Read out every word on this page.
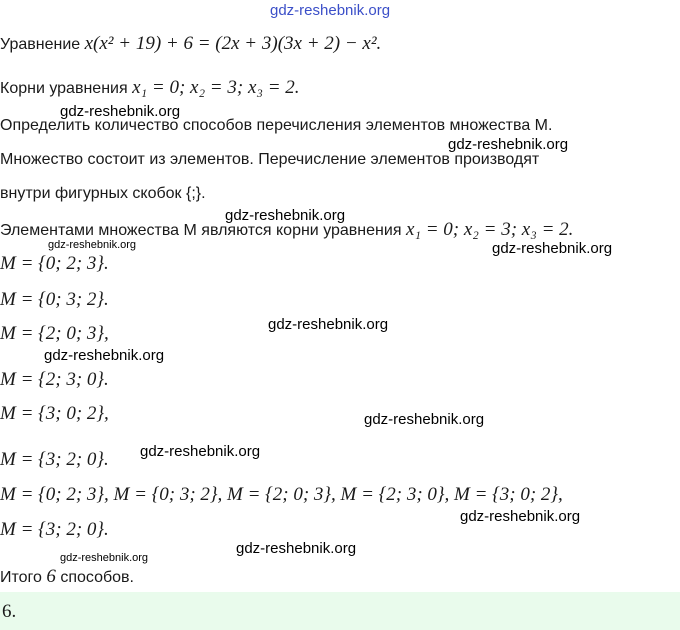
gdz-reshebnik.org
Уравнение x(x² + 19) + 6 = (2x + 3)(3x + 2) − x².
Корни уравнения x₁ = 0; x₂ = 3; x₃ = 2.
gdz-reshebnik.org
Определить количество способов перечисления элементов множества М.
gdz-reshebnik.org
Множество состоит из элементов. Перечисление элементов производят
внутри фигурных скобок {;}.
gdz-reshebnik.org
Элементами множества М являются корни уравнения x₁ = 0; x₂ = 3; x₃ = 2.
gdz-reshebnik.org	gdz-reshebnik.org
M = {0; 2; 3}.
M = {0; 3; 2}.
M = {2; 0; 3},	gdz-reshebnik.org
gdz-reshebnik.org
M = {2; 3; 0}.
M = {3; 0; 2},	gdz-reshebnik.org
gdz-reshebnik.org
M = {3; 2; 0}.
M = {0; 2; 3}, M = {0; 3; 2}, M = {2; 0; 3}, M = {2; 3; 0}, M = {3; 0; 2},
gdz-reshebnik.org
M = {3; 2; 0}.
gdz-reshebnik.org
gdz-reshebnik.org
Итого 6 способов.
6.
